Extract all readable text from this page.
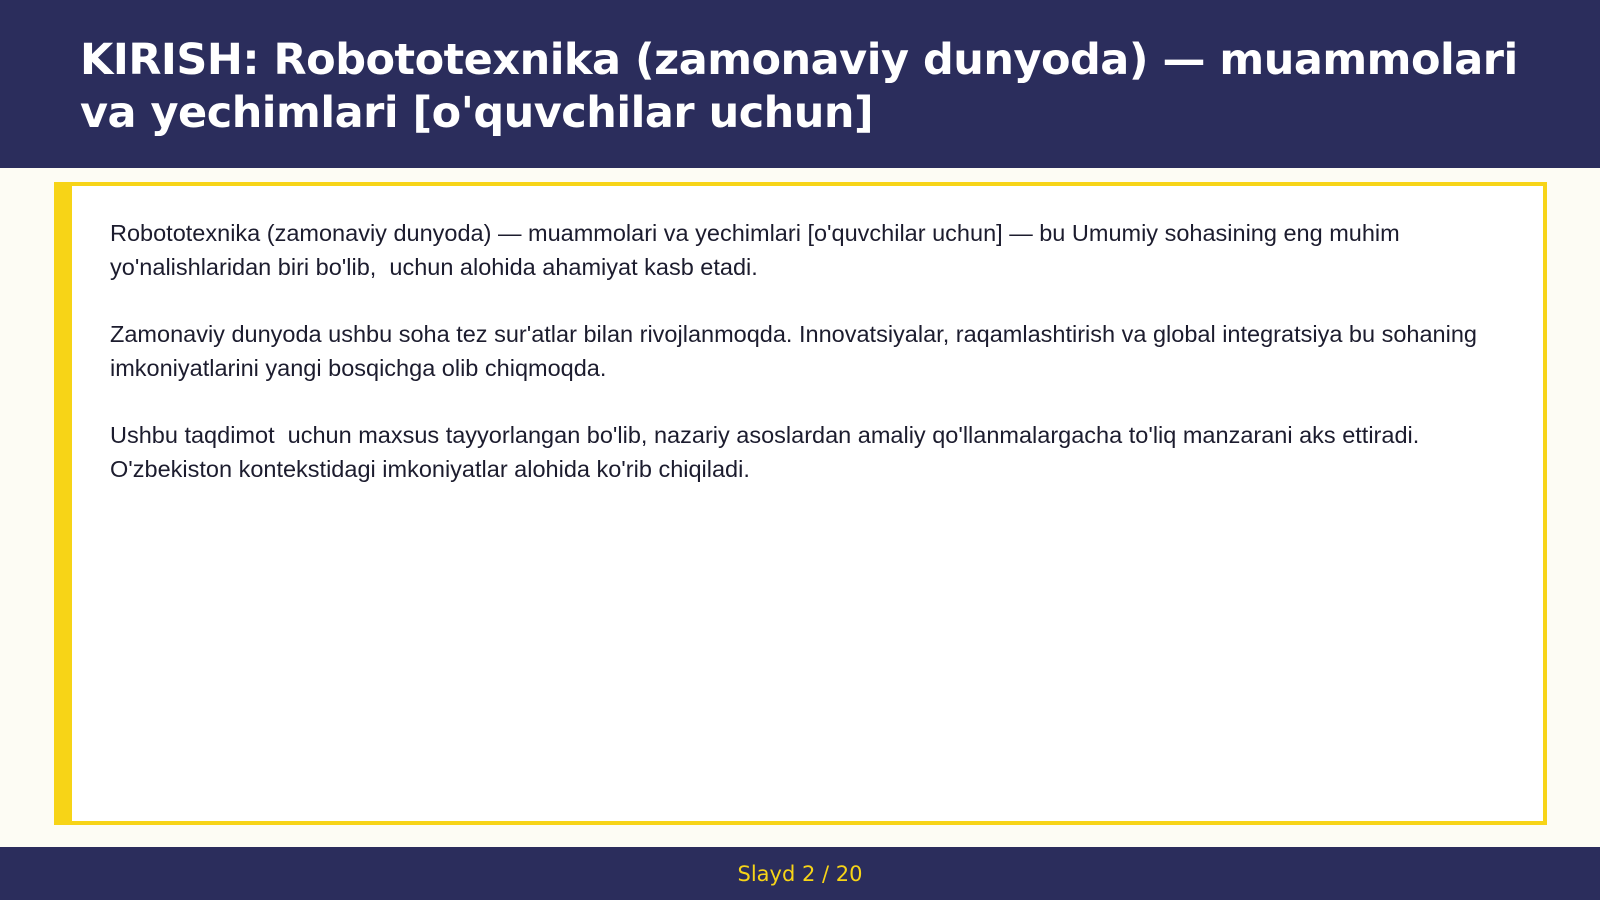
KIRISH: Robototexnika (zamonaviy dunyoda) — muammolari va yechimlari [o'quvchilar uchun]

Robototexnika (zamonaviy dunyoda) — muammolari va yechimlari [o'quvchilar uchun] — bu Umumiy sohasining eng muhim yo'nalishlaridan biri bo'lib,  uchun alohida ahamiyat kasb etadi.

Zamonaviy dunyoda ushbu soha tez sur'atlar bilan rivojlanmoqda. Innovatsiyalar, raqamlashtirish va global integratsiya bu sohaning imkoniyatlarini yangi bosqichga olib chiqmoqda.

Ushbu taqdimot  uchun maxsus tayyorlangan bo'lib, nazariy asoslardan amaliy qo'llanmalargacha to'liq manzarani aks ettiradi. O'zbekiston kontekstidagi imkoniyatlar alohida ko'rib chiqiladi.

Slayd 2 / 20
